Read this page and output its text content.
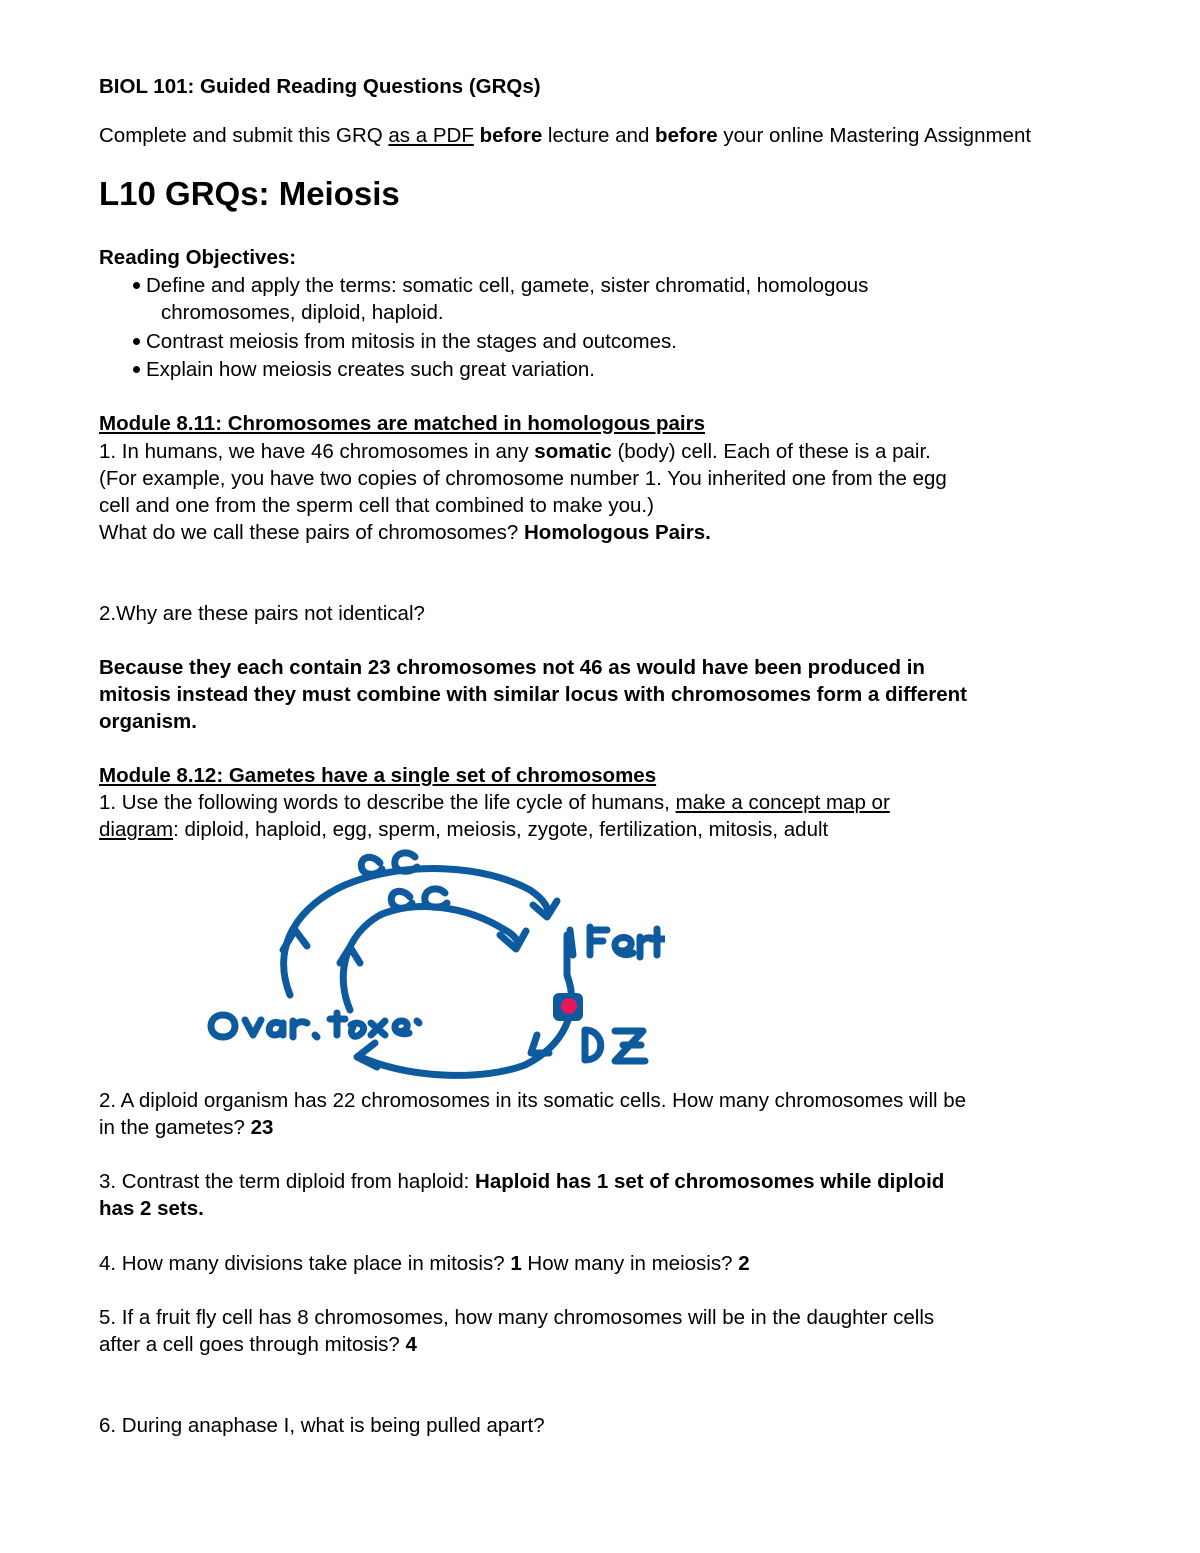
BIOL 101: Guided Reading Questions (GRQs)
Complete and submit this GRQ as a PDF before lecture and before your online Mastering Assignment
L10 GRQs: Meiosis
Reading Objectives:
Define and apply the terms: somatic cell, gamete, sister chromatid, homologous
chromosomes, diploid, haploid.
Contrast meiosis from mitosis in the stages and outcomes.
Explain how meiosis creates such great variation.
Module 8.11: Chromosomes are matched in homologous pairs
1. In humans, we have 46 chromosomes in any somatic (body) cell. Each of these is a pair.
(For example, you have two copies of chromosome number 1. You inherited one from the egg
cell and one from the sperm cell that combined to make you.)
What do we call these pairs of chromosomes? Homologous Pairs.
2.Why are these pairs not identical?
Because they each contain 23 chromosomes not 46 as would have been produced in
mitosis instead they must combine with similar locus with chromosomes form a different
organism.
Module 8.12: Gametes have a single set of chromosomes
1. Use the following words to describe the life cycle of humans, make a concept map or
diagram: diploid, haploid, egg, sperm, meiosis, zygote, fertilization, mitosis, adult
2. A diploid organism has 22 chromosomes in its somatic cells. How many chromosomes will be
in the gametes? 23
3. Contrast the term diploid from haploid: Haploid has 1 set of chromosomes while diploid
has 2 sets.
4. How many divisions take place in mitosis? 1 How many in meiosis? 2
5. If a fruit fly cell has 8 chromosomes, how many chromosomes will be in the daughter cells
after a cell goes through mitosis? 4
6. During anaphase I, what is being pulled apart?
